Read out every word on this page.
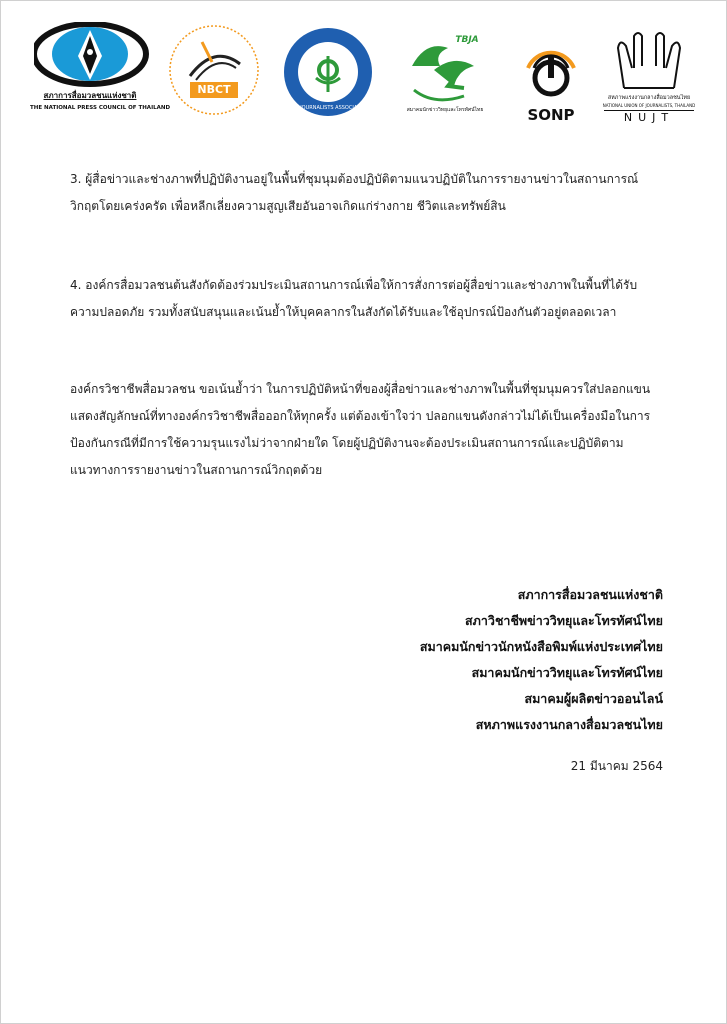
สภาการสื่อมวลชนแห่งชาติ
THE NATIONAL PRESS COUNCIL OF THAILAND
NBCT
THAI JOURNALISTS ASSOCIATION
TBJA
สมาคมนักข่าววิทยุและโทรทัศน์ไทย	SONP
สหภาพแรงงานกลางสื่อมวลชนไทย
NATIONAL UNION OF JOURNALISTS, THAILAND
NUJT

3. ผู้สื่อข่าวและช่างภาพที่ปฏิบัติงานอยู่ในพื้นที่ชุมนุมต้องปฏิบัติตามแนวปฏิบัติในการรายงานข่าวในสถานการณ์วิกฤตโดยเคร่งครัด เพื่อหลีกเลี่ยงความสูญเสียอันอาจเกิดแก่ร่างกาย ชีวิตและทรัพย์สิน

4. องค์กรสื่อมวลชนต้นสังกัดต้องร่วมประเมินสถานการณ์เพื่อให้การสั่งการต่อผู้สื่อข่าวและช่างภาพในพื้นที่ได้รับความปลอดภัย รวมทั้งสนับสนุนและเน้นย้ำให้บุคคลากรในสังกัดได้รับและใช้อุปกรณ์ป้องกันตัวอยู่ตลอดเวลา

องค์กรวิชาชีพสื่อมวลชน ขอเน้นย้ำว่า ในการปฏิบัติหน้าที่ของผู้สื่อข่าวและช่างภาพในพื้นที่ชุมนุมควรใส่ปลอกแขนแสดงสัญลักษณ์ที่ทางองค์กรวิชาชีพสื่อออกให้ทุกครั้ง แต่ต้องเข้าใจว่า ปลอกแขนดังกล่าวไม่ได้เป็นเครื่องมือในการป้องกันกรณีที่มีการใช้ความรุนแรงไม่ว่าจากฝ่ายใด โดยผู้ปฏิบัติงานจะต้องประเมินสถานการณ์และปฏิบัติตามแนวทางการรายงานข่าวในสถานการณ์วิกฤตด้วย

สภาการสื่อมวลชนแห่งชาติ
สภาวิชาชีพข่าววิทยุและโทรทัศน์ไทย
สมาคมนักข่าวนักหนังสือพิมพ์แห่งประเทศไทย
สมาคมนักข่าววิทยุและโทรทัศน์ไทย
สมาคมผู้ผลิตข่าวออนไลน์
สหภาพแรงงานกลางสื่อมวลชนไทย
21 มีนาคม 2564
